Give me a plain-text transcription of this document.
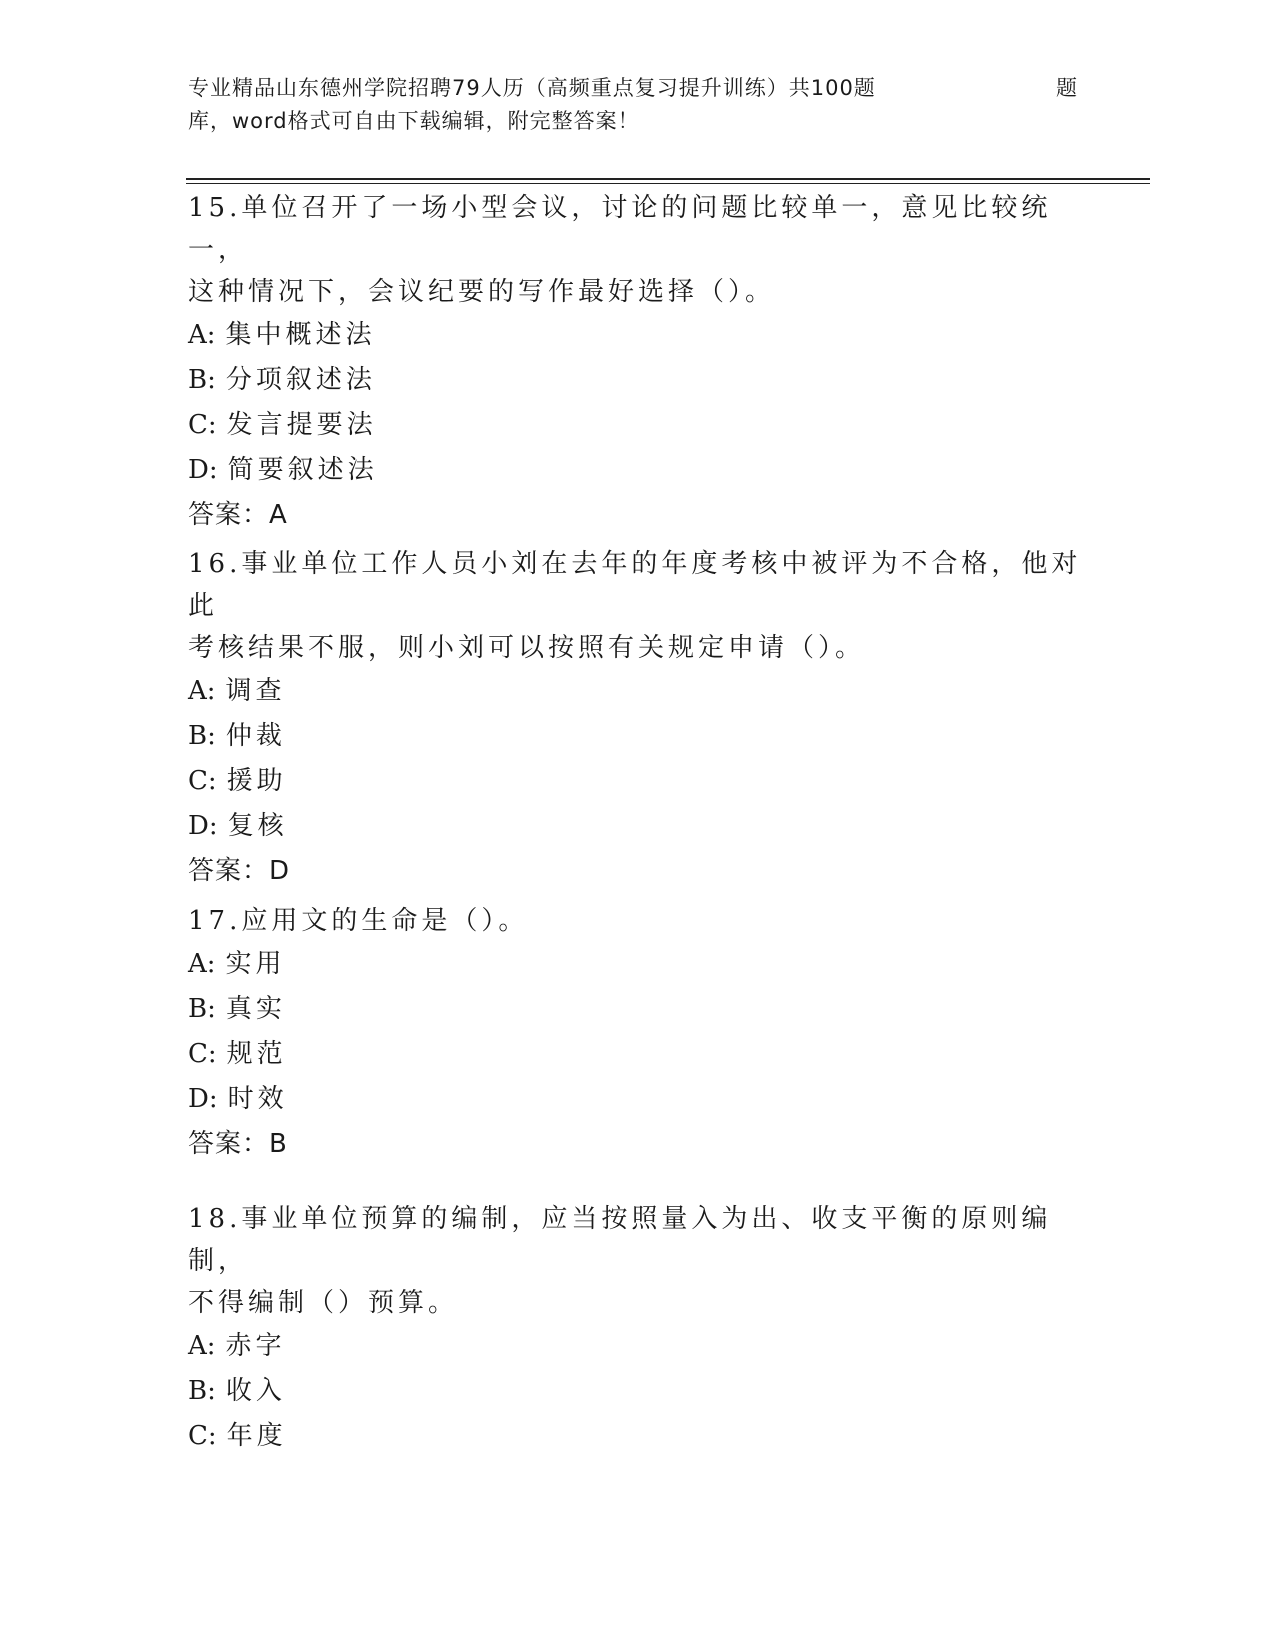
专业精品山东德州学院招聘79人历（高频重点复习提升训练）共100题	题
库，word格式可自由下载编辑，附完整答案！
15.单位召开了一场小型会议，讨论的问题比较单一，意见比较统一，
这种情况下，会议纪要的写作最好选择（）。
A: 集中概述法
B: 分项叙述法
C: 发言提要法
D: 简要叙述法
答案：A
16.事业单位工作人员小刘在去年的年度考核中被评为不合格，他对此
考核结果不服，则小刘可以按照有关规定申请（）。
A: 调查
B: 仲裁
C: 援助
D: 复核
答案：D
17.应用文的生命是（）。
A: 实用
B: 真实
C: 规范
D: 时效
答案：B
18.事业单位预算的编制，应当按照量入为出、收支平衡的原则编制，
不得编制（）预算。
A: 赤字
B: 收入
C: 年度
